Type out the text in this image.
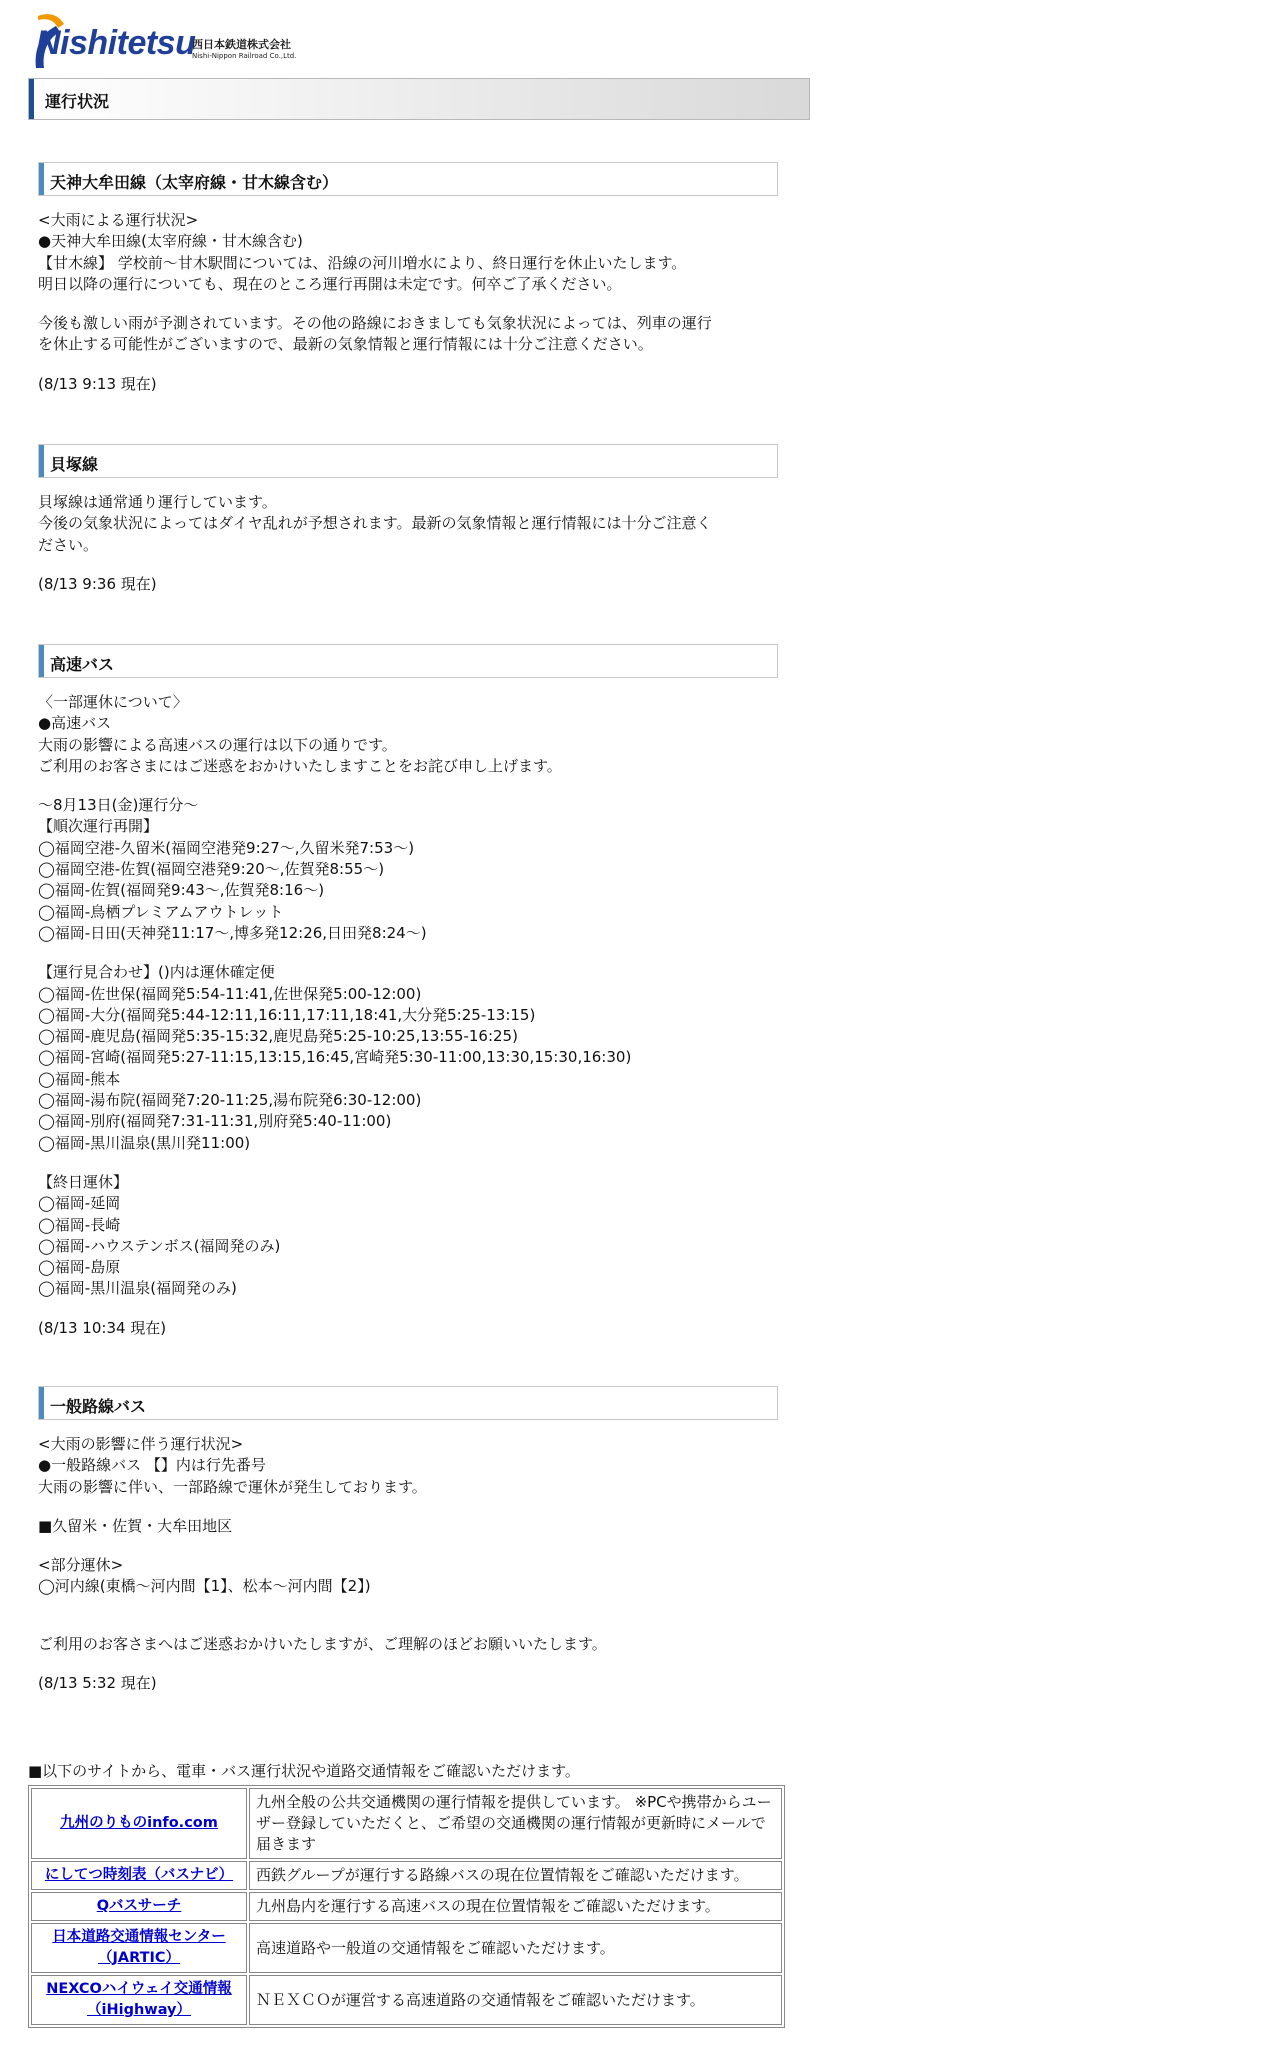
Nishitetsu
西日本鉄道株式会社
Nishi-Nippon Railroad Co.,Ltd.
運行状況
天神大牟田線（太宰府線・甘木線含む）
<大雨による運行状況>
●天神大牟田線(太宰府線・甘木線含む)
【甘木線】 学校前～甘木駅間については、沿線の河川増水により、終日運行を休止いたします。
明日以降の運行についても、現在のところ運行再開は未定です。何卒ご了承ください。
今後も激しい雨が予測されています。その他の路線におきましても気象状況によっては、列車の運行
を休止する可能性がございますので、最新の気象情報と運行情報には十分ご注意ください。
(8/13 9:13 現在)
貝塚線
貝塚線は通常通り運行しています。
今後の気象状況によってはダイヤ乱れが予想されます。最新の気象情報と運行情報には十分ご注意く
ださい。
(8/13 9:36 現在)
高速バス
〈一部運休について〉
●高速バス
大雨の影響による高速バスの運行は以下の通りです。
ご利用のお客さまにはご迷惑をおかけいたしますことをお詫び申し上げます。
～8月13日(金)運行分～
【順次運行再開】
◯福岡空港-久留米(福岡空港発9:27～,久留米発7:53～)
◯福岡空港-佐賀(福岡空港発9:20～,佐賀発8:55～)
◯福岡-佐賀(福岡発9:43～,佐賀発8:16～)
◯福岡-鳥栖プレミアムアウトレット
◯福岡-日田(天神発11:17～,博多発12:26,日田発8:24～)
【運行見合わせ】()内は運休確定便
◯福岡-佐世保(福岡発5:54-11:41,佐世保発5:00-12:00)
◯福岡-大分(福岡発5:44-12:11,16:11,17:11,18:41,大分発5:25-13:15)
◯福岡-鹿児島(福岡発5:35-15:32,鹿児島発5:25-10:25,13:55-16:25)
◯福岡-宮崎(福岡発5:27-11:15,13:15,16:45,宮崎発5:30-11:00,13:30,15:30,16:30)
◯福岡-熊本
◯福岡-湯布院(福岡発7:20-11:25,湯布院発6:30-12:00)
◯福岡-別府(福岡発7:31-11:31,別府発5:40-11:00)
◯福岡-黒川温泉(黒川発11:00)
【終日運休】
◯福岡-延岡
◯福岡-長崎
◯福岡-ハウステンボス(福岡発のみ)
◯福岡-島原
◯福岡-黒川温泉(福岡発のみ)
(8/13 10:34 現在)
一般路線バス
<大雨の影響に伴う運行状況>
●一般路線バス 【】内は行先番号
大雨の影響に伴い、一部路線で運休が発生しております。
■久留米・佐賀・大牟田地区
<部分運休>
◯河内線(東橋～河内間【1】、松本～河内間【2】)
ご利用のお客さまへはご迷惑おかけいたしますが、ご理解のほどお願いいたします。
(8/13 5:32 現在)
■以下のサイトから、電車・バス運行状況や道路交通情報をご確認いただけます。
九州のりものinfo.com	九州全般の公共交通機関の運行情報を提供しています。 ※PCや携帯からユーザー登録していただくと、ご希望の交通機関の運行情報が更新時にメールで届きます
にしてつ時刻表（バスナビ）	西鉄グループが運行する路線バスの現在位置情報をご確認いただけます。
Qバスサーチ	九州島内を運行する高速バスの現在位置情報をご確認いただけます。
日本道路交通情報センター（JARTIC）	高速道路や一般道の交通情報をご確認いただけます。
NEXCOハイウェイ交通情報（iHighway）	ＮＥＸＣＯが運営する高速道路の交通情報をご確認いただけます。
